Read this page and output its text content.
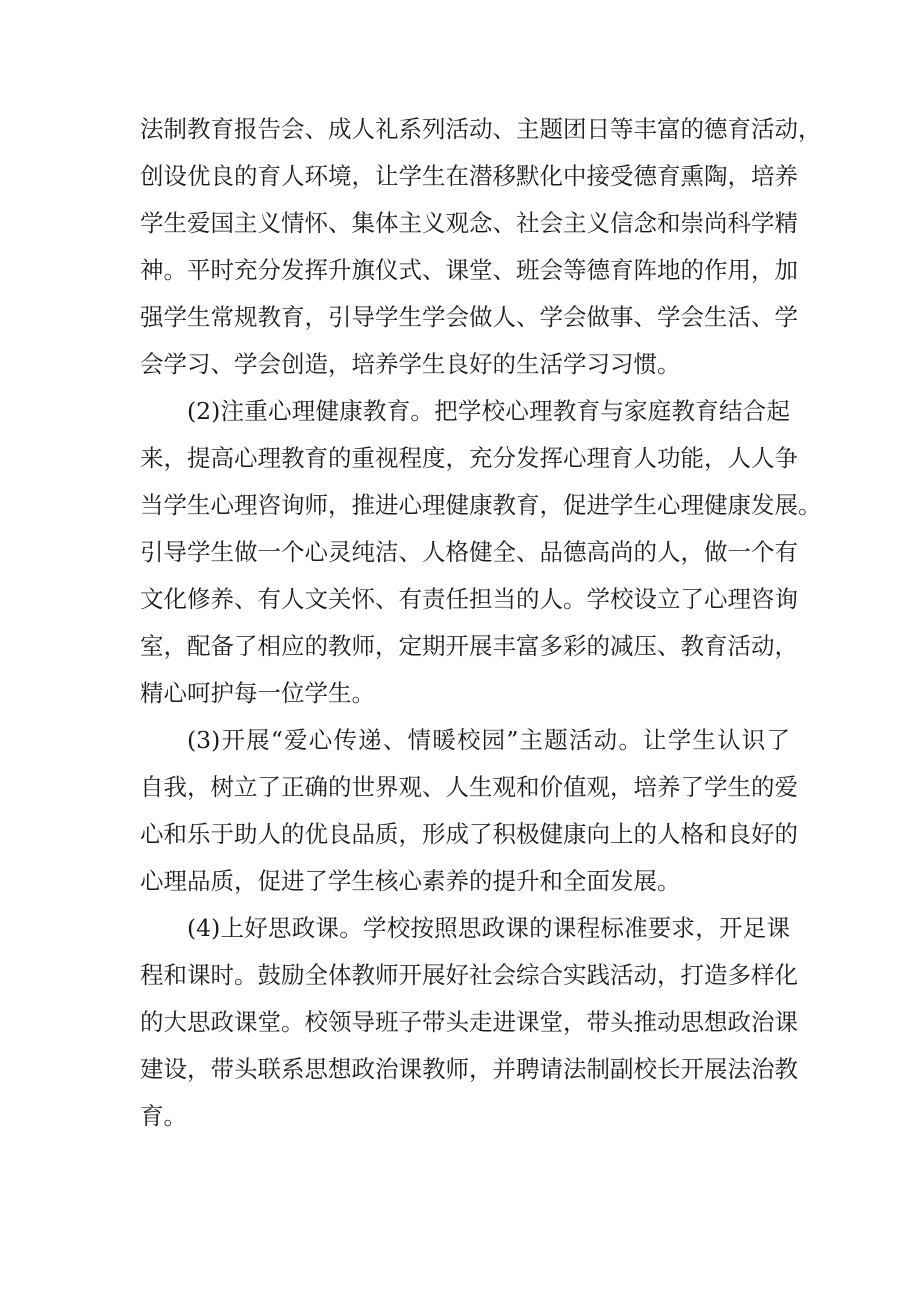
法制教育报告会、成人礼系列活动、主题团日等丰富的德育活动，
创设优良的育人环境，让学生在潜移默化中接受德育熏陶，培养
学生爱国主义情怀、集体主义观念、社会主义信念和崇尚科学精
神。平时充分发挥升旗仪式、课堂、班会等德育阵地的作用，加
强学生常规教育，引导学生学会做人、学会做事、学会生活、学
会学习、学会创造，培养学生良好的生活学习习惯。
(2)注重心理健康教育。把学校心理教育与家庭教育结合起
来，提高心理教育的重视程度，充分发挥心理育人功能，人人争
当学生心理咨询师，推进心理健康教育，促进学生心理健康发展。
引导学生做一个心灵纯洁、人格健全、品德高尚的人，做一个有
文化修养、有人文关怀、有责任担当的人。学校设立了心理咨询
室，配备了相应的教师，定期开展丰富多彩的减压、教育活动，
精心呵护每一位学生。
(3)开展“爱心传递、情暖校园”主题活动。让学生认识了
自我，树立了正确的世界观、人生观和价值观，培养了学生的爱
心和乐于助人的优良品质，形成了积极健康向上的人格和良好的
心理品质，促进了学生核心素养的提升和全面发展。
(4)上好思政课。学校按照思政课的课程标准要求，开足课
程和课时。鼓励全体教师开展好社会综合实践活动，打造多样化
的大思政课堂。校领导班子带头走进课堂，带头推动思想政治课
建设，带头联系思想政治课教师，并聘请法制副校长开展法治教
育。
